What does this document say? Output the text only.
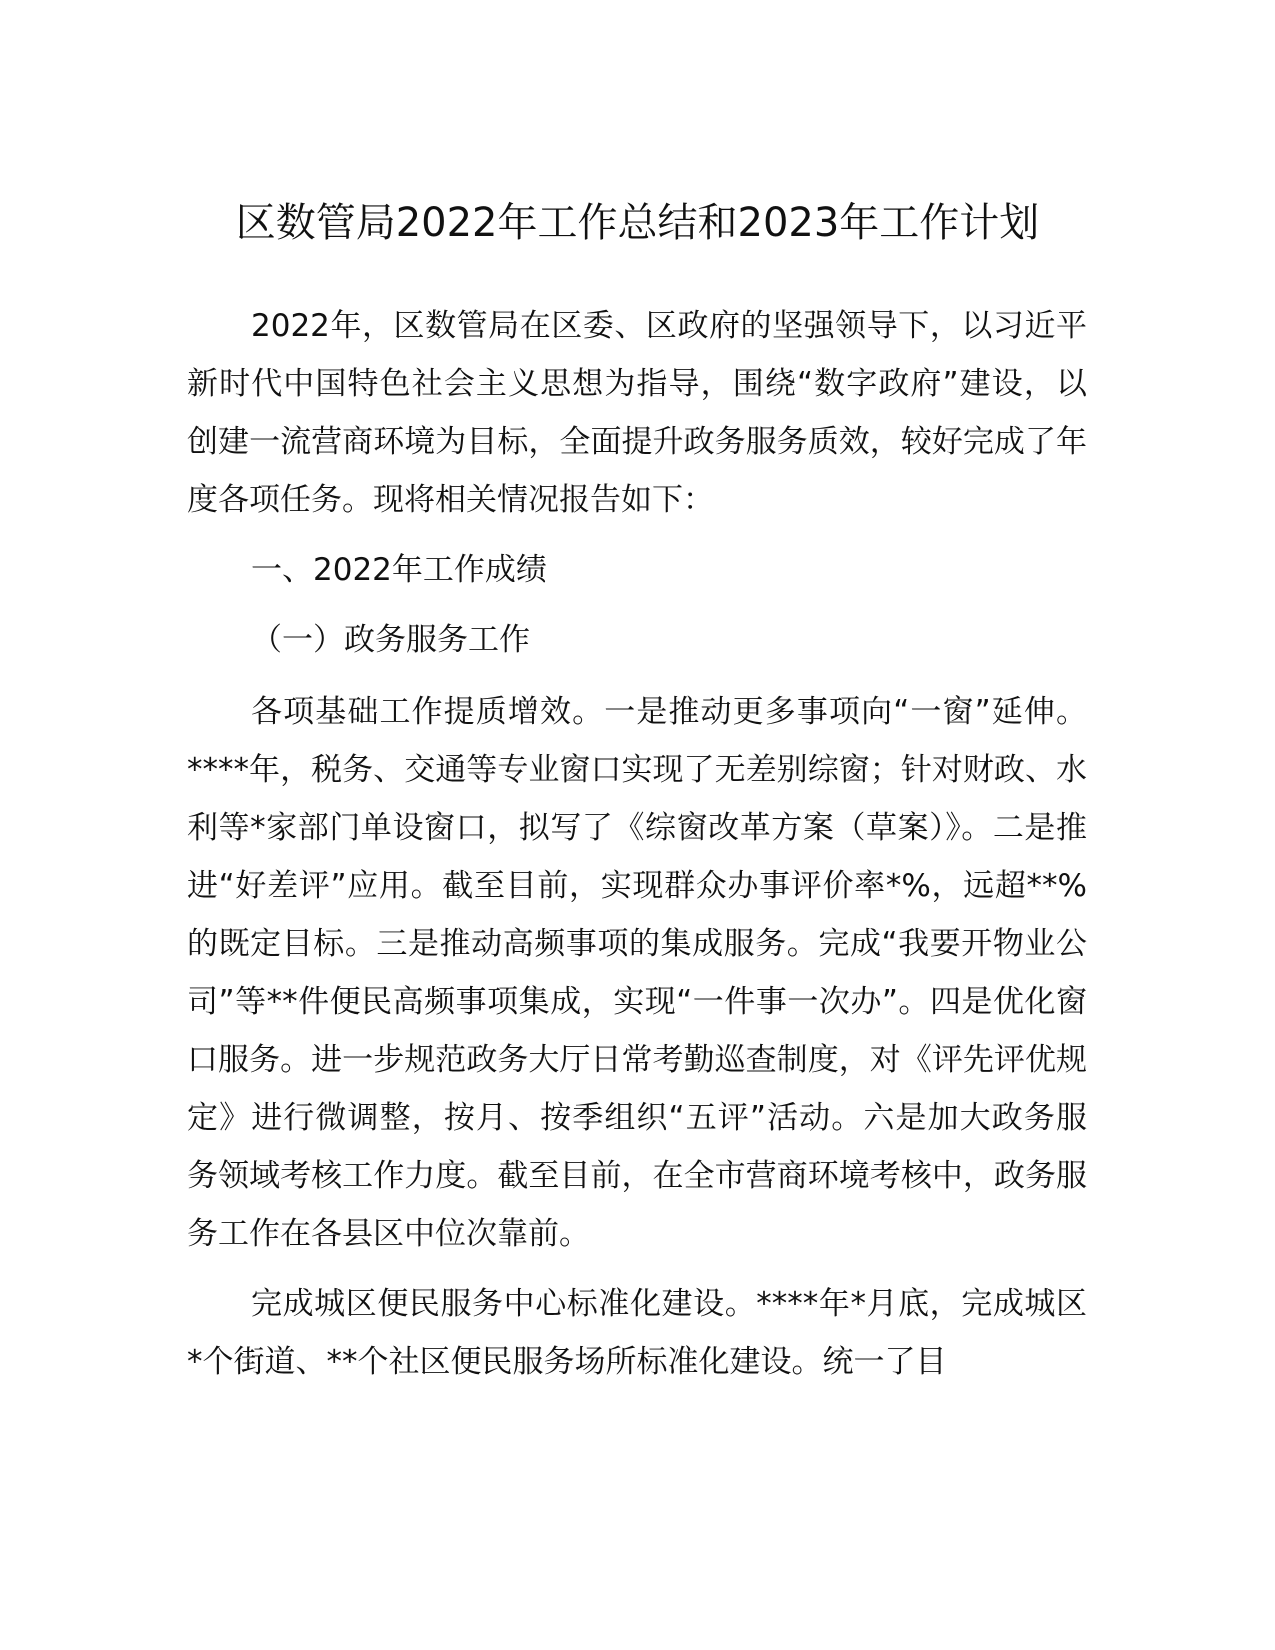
区数管局2022年工作总结和2023年工作计划

2022年，区数管局在区委、区政府的坚强领导下，以习近平新时代中国特色社会主义思想为指导，围绕“数字政府”建设，以创建一流营商环境为目标，全面提升政务服务质效，较好完成了年度各项任务。现将相关情况报告如下：

一、2022年工作成绩

（一）政务服务工作

各项基础工作提质增效。一是推动更多事项向“一窗”延伸。****年，税务、交通等专业窗口实现了无差别综窗；针对财政、水利等*家部门单设窗口，拟写了《综窗改革方案（草案）》。二是推进“好差评”应用。截至目前，实现群众办事评价率*%，远超**%的既定目标。三是推动高频事项的集成服务。完成“我要开物业公司”等**件便民高频事项集成，实现“一件事一次办”。四是优化窗口服务。进一步规范政务大厅日常考勤巡查制度，对《评先评优规定》进行微调整，按月、按季组织“五评”活动。六是加大政务服务领域考核工作力度。截至目前，在全市营商环境考核中，政务服务工作在各县区中位次靠前。

完成城区便民服务中心标准化建设。****年*月底，完成城区*个街道、**个社区便民服务场所标准化建设。统一了目
